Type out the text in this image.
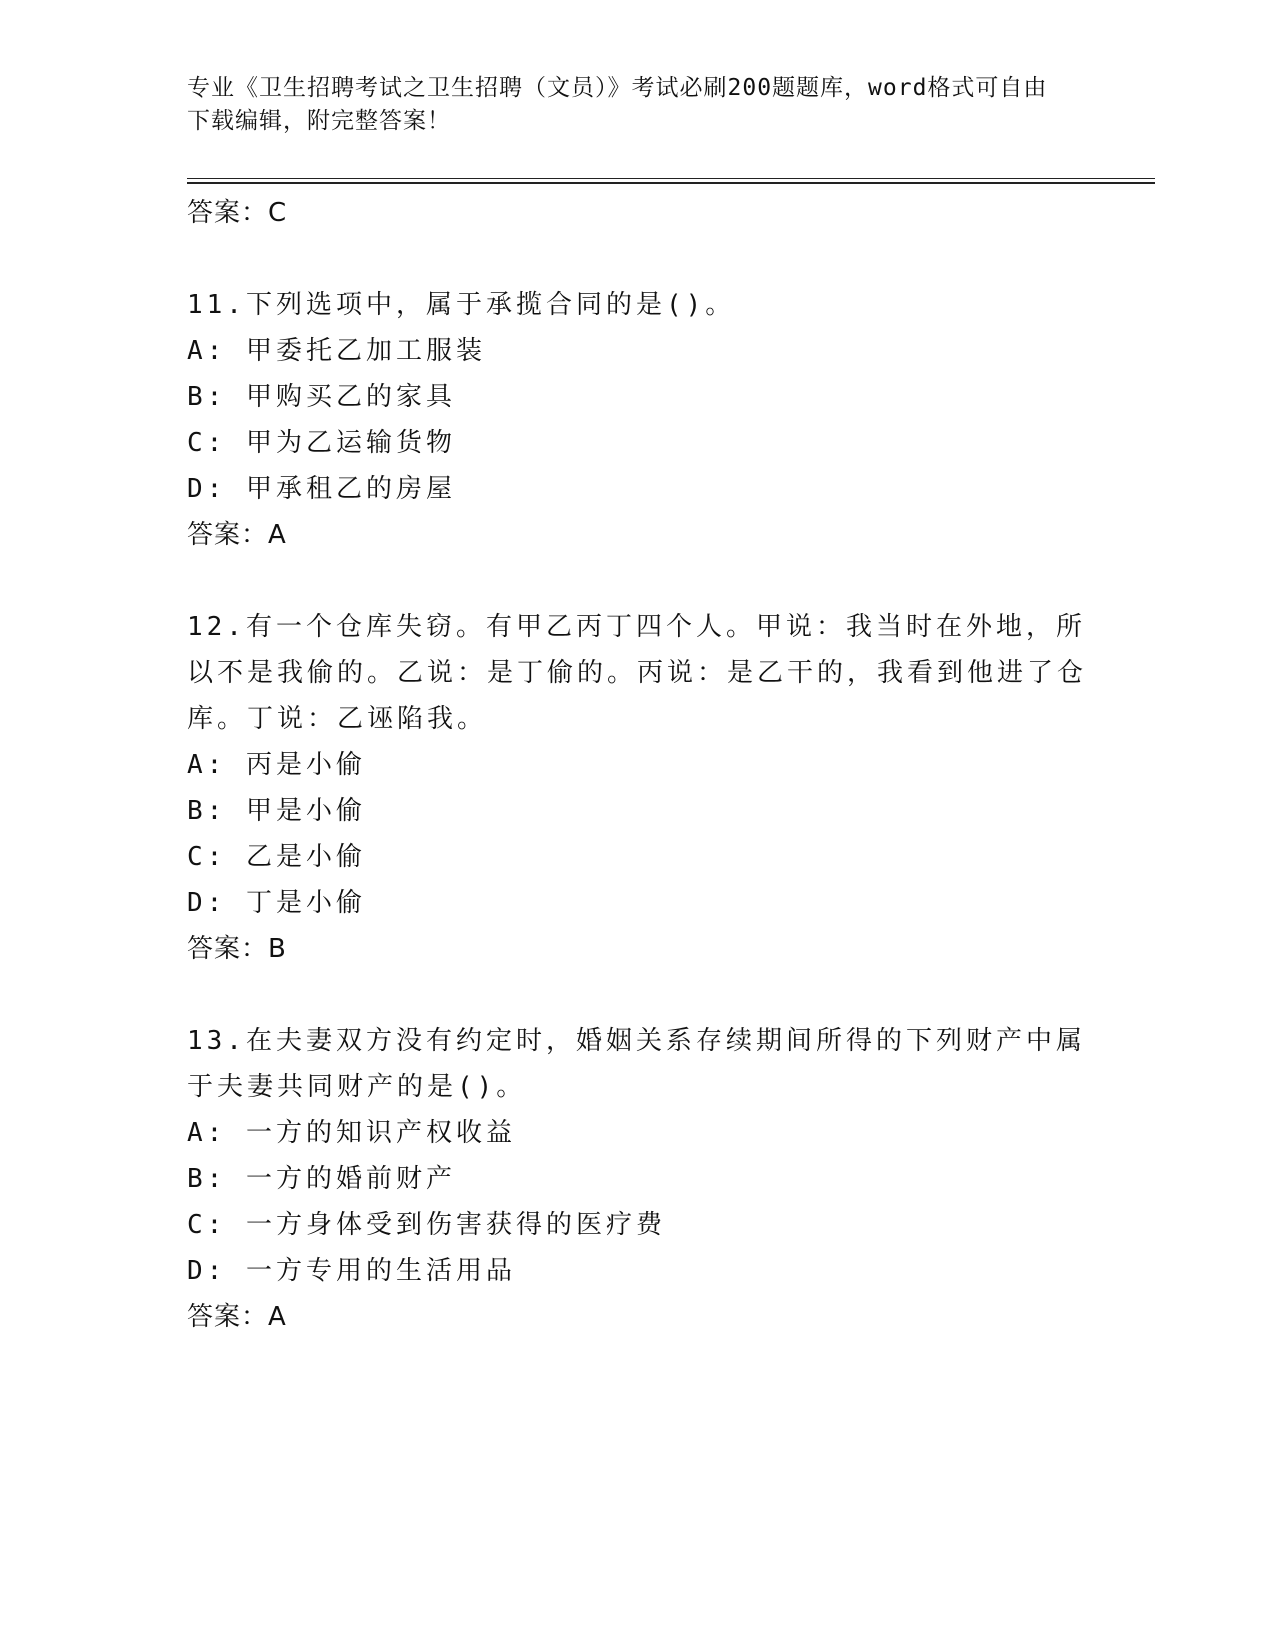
专业《卫生招聘考试之卫生招聘（文员）》考试必刷200题题库，word格式可自由下载编辑，附完整答案！
答案：C
11.下列选项中，属于承揽合同的是()。
A: 甲委托乙加工服装
B: 甲购买乙的家具
C: 甲为乙运输货物
D: 甲承租乙的房屋
答案：A
12.有一个仓库失窃。有甲乙丙丁四个人。甲说：我当时在外地，所以不是我偷的。乙说：是丁偷的。丙说：是乙干的，我看到他进了仓库。丁说：乙诬陷我。
A: 丙是小偷
B: 甲是小偷
C: 乙是小偷
D: 丁是小偷
答案：B
13.在夫妻双方没有约定时，婚姻关系存续期间所得的下列财产中属于夫妻共同财产的是()。
A: 一方的知识产权收益
B: 一方的婚前财产
C: 一方身体受到伤害获得的医疗费
D: 一方专用的生活用品
答案：A
